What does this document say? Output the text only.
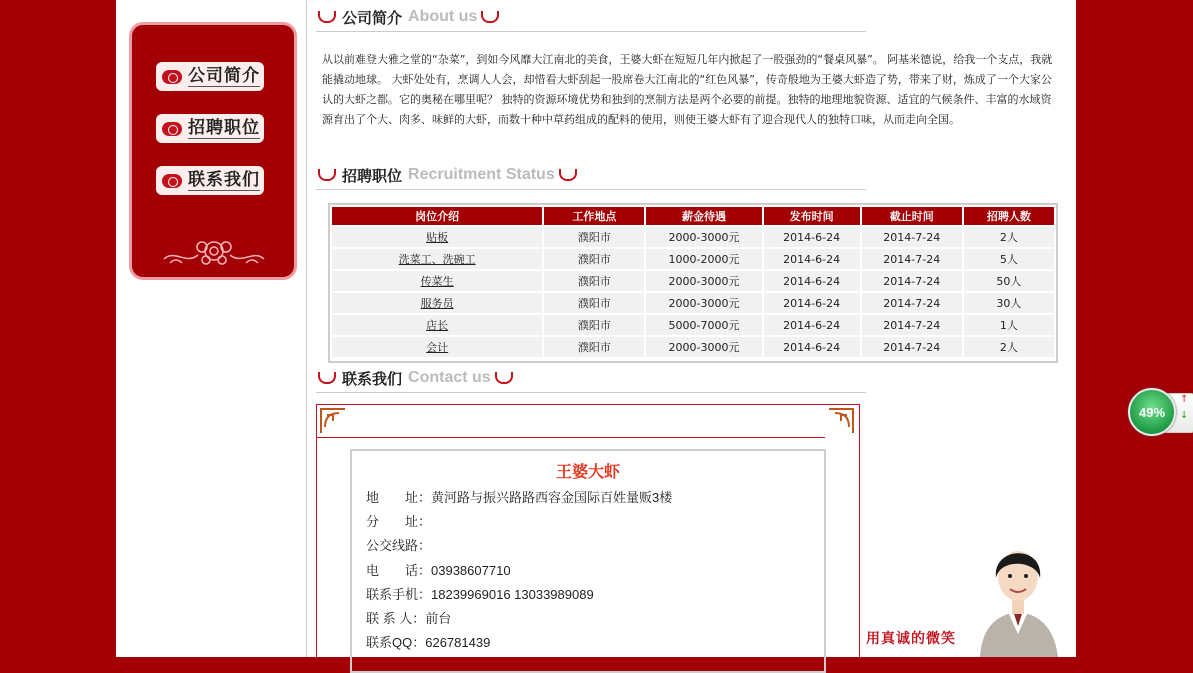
公司简介
招聘职位
联系我们
公司简介 About us
从以前难登大雅之堂的“杂菜”，到如今风靡大江南北的美食，王婆大虾在短短几年内掀起了一股强劲的“餐桌风暴”。 阿基米德说，给我一个支点，我就能撬动地球。 大虾处处有，烹调人人会，却惜看大虾刮起一股席卷大江南北的“红色风暴”，传奇般地为王婆大虾造了势，带来了财，炼成了一个大家公认的大虾之都。它的奥秘在哪里呢？ 独特的资源环境优势和独到的烹制方法是两个必要的前提。独特的地理地貌资源、适宜的气候条件、丰富的水域资源育出了个大、肉多、味鲜的大虾，而数十种中草药组成的配料的使用，则使王婆大虾有了迎合现代人的独特口味，从而走向全国。
招聘职位 Recruitment Status
岗位介绍	工作地点	薪金待遇	发布时间	截止时间	招聘人数
贴板	濮阳市	2000-3000元	2014-6-24	2014-7-24	2人
洗菜工、洗碗工	濮阳市	1000-2000元	2014-6-24	2014-7-24	5人
传菜生	濮阳市	2000-3000元	2014-6-24	2014-7-24	50人
服务员	濮阳市	2000-3000元	2014-6-24	2014-7-24	30人
店长	濮阳市	5000-7000元	2014-6-24	2014-7-24	1人
会计	濮阳市	2000-3000元	2014-6-24	2014-7-24	2人
联系我们 Contact us
王婆大虾
地　　址：黄河路与振兴路路西容金国际百姓量贩3楼
分　　址：
公交线路：
电　　话：03938607710
联系手机：18239969016 13033989089
联 系 人：前台
联系QQ：626781439	用真诚的微笑
↑
↓
49%
